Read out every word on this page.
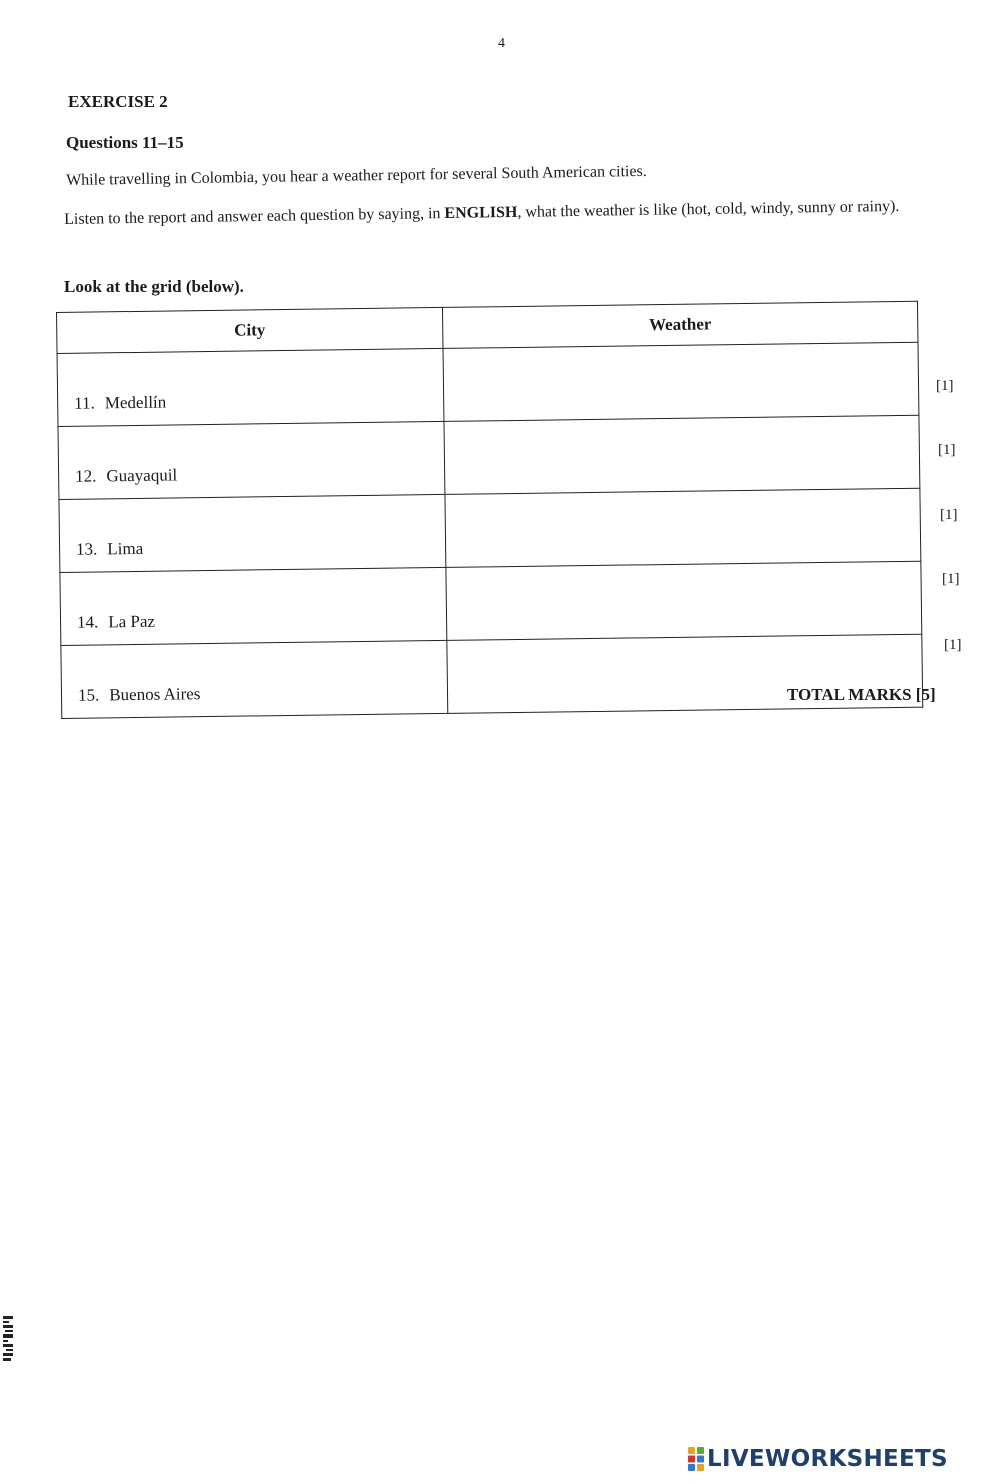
4
EXERCISE 2
Questions 11–15
While travelling in Colombia, you hear a weather report for several South American cities.
Listen to the report and answer each question by saying, in ENGLISH, what the weather is like (hot, cold, windy, sunny or rainy).
Look at the grid (below).
City	Weather
11. Medellín	
12. Guayaquil	
13. Lima	
14. La Paz	
15. Buenos Aires	
[1]
[1]
[1]
[1]
[1]
TOTAL MARKS [5]
LIVEWORKSHEETS
